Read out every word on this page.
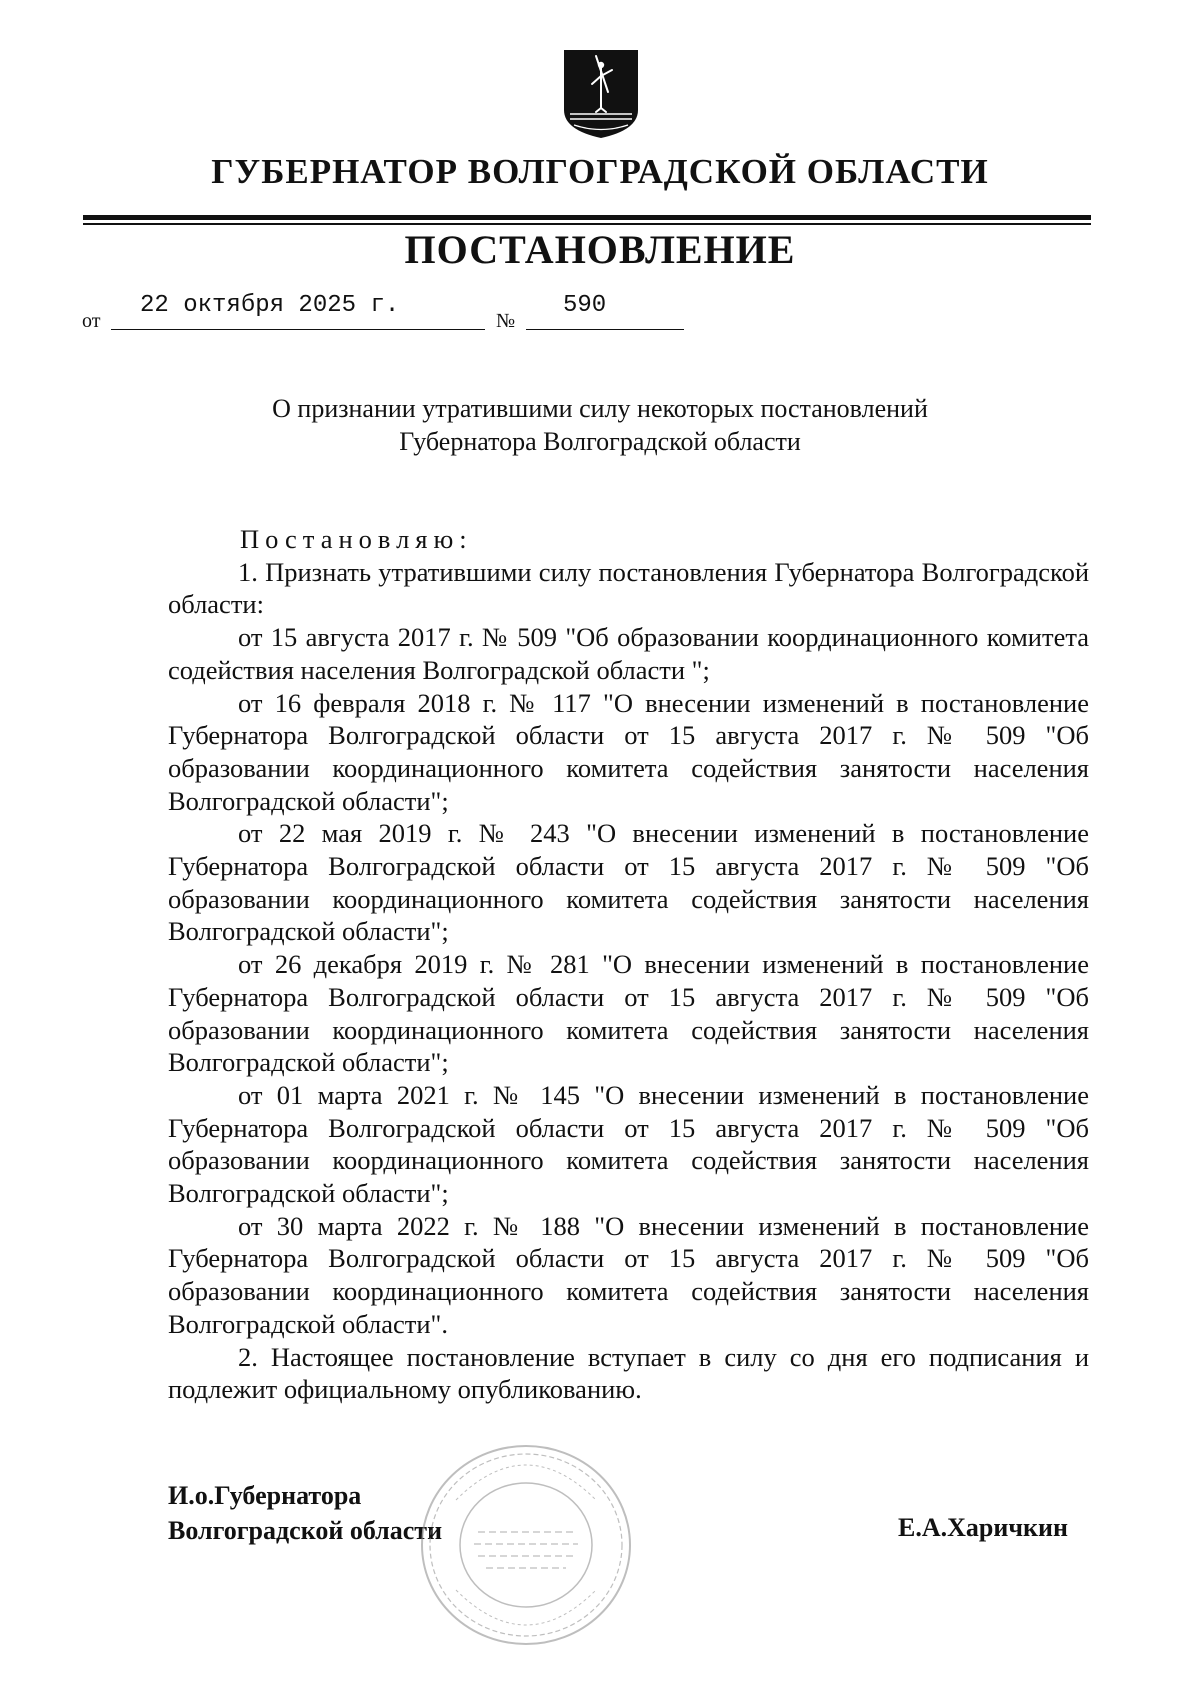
ГУБЕРНАТОР ВОЛГОГРАДСКОЙ ОБЛАСТИ
ПОСТАНОВЛЕНИЕ
от
22 октября 2025 г.
№
590
О признании утратившими силу некоторых постановлений
Губернатора Волгоградской области

Постановляю:

1. Признать утратившими силу постановления Губернатора Волгоградской области:

от 15 августа 2017 г. № 509 "Об образовании координационного комитета содействия населения Волгоградской области ";

от 16 февраля 2018 г. № 117 "О внесении изменений в постановление Губернатора Волгоградской области от 15 августа 2017 г. № 509 "Об образовании координационного комитета содействия занятости населения Волгоградской области";

от 22 мая 2019 г. № 243 "О внесении изменений в постановление Губернатора Волгоградской области от 15 августа 2017 г. № 509 "Об образовании координационного комитета содействия занятости населения Волгоградской области";

от 26 декабря 2019 г. № 281 "О внесении изменений в постановление Губернатора Волгоградской области от 15 августа 2017 г. № 509 "Об образовании координационного комитета содействия занятости населения Волгоградской области";

от 01 марта 2021 г. № 145 "О внесении изменений в постановление Губернатора Волгоградской области от 15 августа 2017 г. № 509 "Об образовании координационного комитета содействия занятости населения Волгоградской области";

от 30 марта 2022 г. № 188 "О внесении изменений в постановление Губернатора Волгоградской области от 15 августа 2017 г. № 509 "Об образовании координационного комитета содействия занятости населения Волгоградской области".

2. Настоящее постановление вступает в силу со дня его подписания и подлежит официальному опубликованию.

И.о.Губернатора
Волгоградской области	Е.А.Харичкин
